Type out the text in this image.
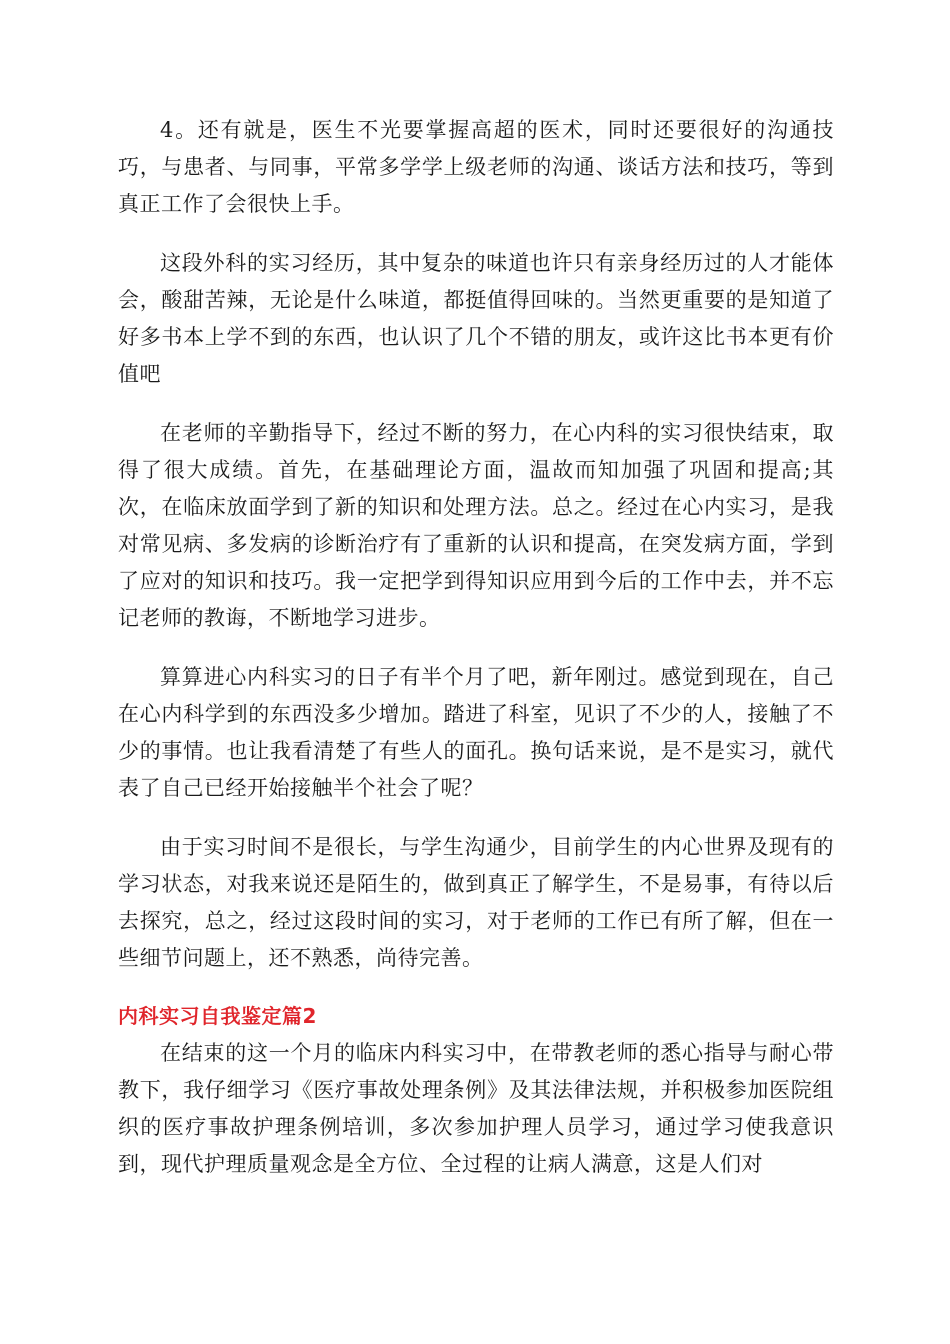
4。还有就是，医生不光要掌握高超的医术，同时还要很好的沟通技巧，与患者、与同事，平常多学学上级老师的沟通、谈话方法和技巧，等到真正工作了会很快上手。

这段外科的实习经历，其中复杂的味道也许只有亲身经历过的人才能体会，酸甜苦辣，无论是什么味道，都挺值得回味的。当然更重要的是知道了好多书本上学不到的东西，也认识了几个不错的朋友，或许这比书本更有价值吧

在老师的辛勤指导下，经过不断的努力，在心内科的实习很快结束，取得了很大成绩。首先，在基础理论方面，温故而知加强了巩固和提高;其次，在临床放面学到了新的知识和处理方法。总之。经过在心内实习，是我对常见病、多发病的诊断治疗有了重新的认识和提高，在突发病方面，学到了应对的知识和技巧。我一定把学到得知识应用到今后的工作中去，并不忘记老师的教诲，不断地学习进步。

算算进心内科实习的日子有半个月了吧，新年刚过。感觉到现在，自己在心内科学到的东西没多少增加。踏进了科室，见识了不少的人，接触了不少的事情。也让我看清楚了有些人的面孔。换句话来说，是不是实习，就代表了自己已经开始接触半个社会了呢？

由于实习时间不是很长，与学生沟通少，目前学生的内心世界及现有的学习状态，对我来说还是陌生的，做到真正了解学生，不是易事，有待以后去探究，总之，经过这段时间的实习，对于老师的工作已有所了解，但在一些细节问题上，还不熟悉，尚待完善。

内科实习自我鉴定篇2

在结束的这一个月的临床内科实习中，在带教老师的悉心指导与耐心带教下，我仔细学习《医疗事故处理条例》及其法律法规，并积极参加医院组织的医疗事故护理条例培训，多次参加护理人员学习，通过学习使我意识到，现代护理质量观念是全方位、全过程的让病人满意，这是人们对
